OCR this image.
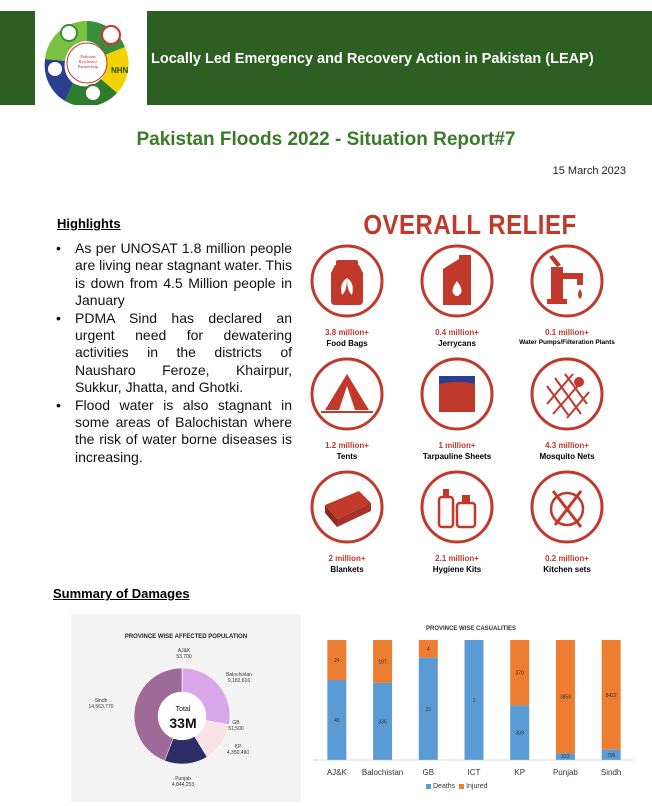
Pakistan
Resilience
Partnership	NHN
Locally Led Emergency and Recovery Action in Pakistan (LEAP)
Pakistan Floods 2022 - Situation Report#7
15 March 2023
Highlights
• As per UNOSAT 1.8 million people are living near stagnant water. This is down from 4.5 Million people in January
• PDMA Sind has declared an urgent need for dewatering activities in the districts of Nausharo Feroze, Khairpur, Sukkur, Jhatta, and Ghotki.
• Flood water is also stagnant in some areas of Balochistan where the risk of water borne diseases is increasing.
OVERALL RELIEF
3.8 million+
Food Bags
0.4 million+
Jerrycans
0.1 million+
Water Pumps/Filteration Plants
1.2 million+
Tents
1 million+
Tarpauline Sheets
4.3 million+
Mosquito Nets
2 million+
Blankets
2.1 million+
Hygiene Kits
0.2 million+
Kitchen sets
Summary of Damages
PROVINCE WISE AFFECTED POPULATION
AJ&K
53,700
Balochistan
9,182,616
GB
51,500
KP
4,350,490
Punjab
4,844,253
Sindh
14,563,770	Total
33M	48
24
AJ&K
336
187
Balochistan
23
4
GB
1
ICT
309
370
KP
223
3858
Punjab
799
8422
Sindh
PROVINCE WISE CASUALITIES
Deaths Injured
